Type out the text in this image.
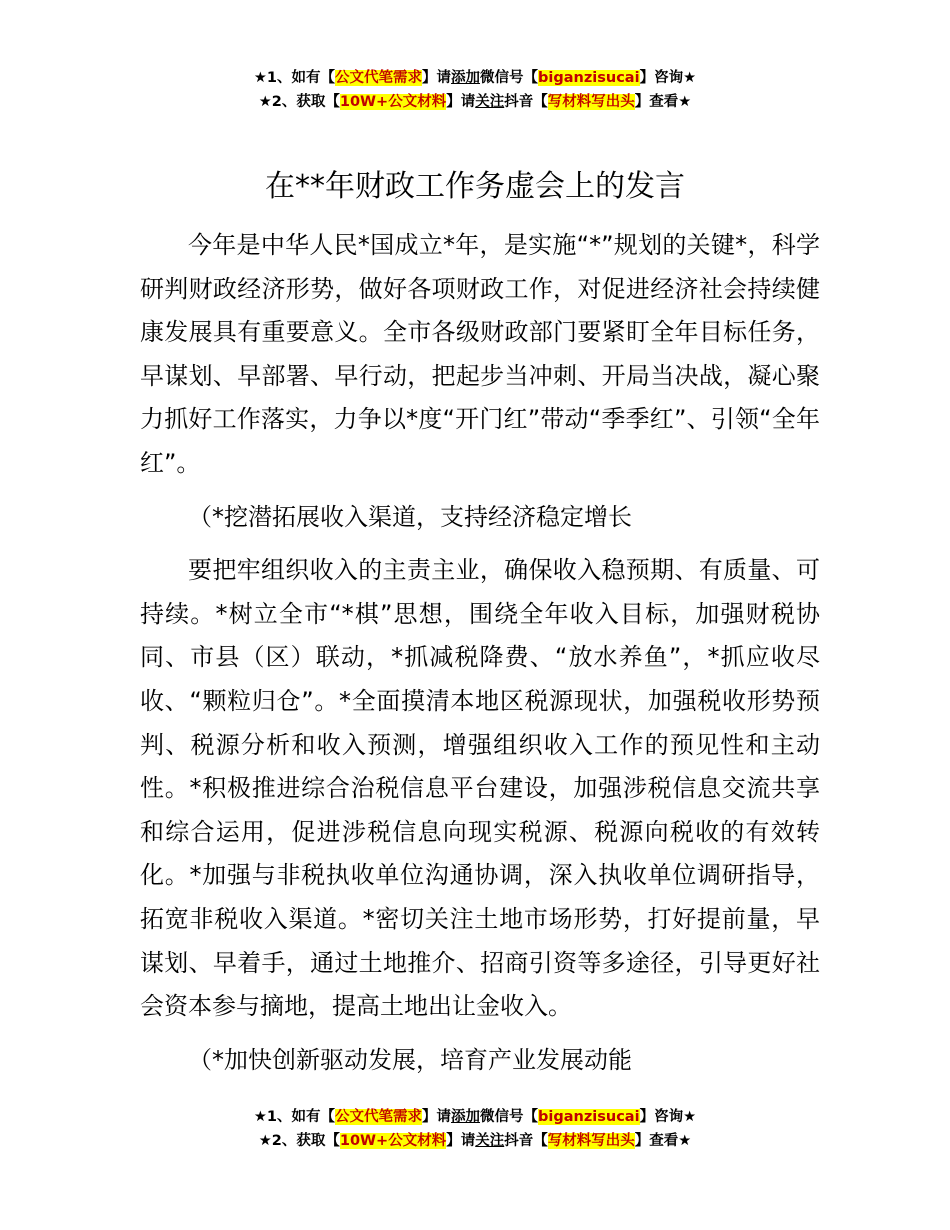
★1、如有【公文代笔需求】请添加微信号【biganzisucai】咨询★
★2、获取【10W+公文材料】请关注抖音【写材料写出头】查看★
在**年财政工作务虚会上的发言

今年是中华人民*国成立*年，是实施“*”规划的关键*，科学研判财政经济形势，做好各项财政工作，对促进经济社会持续健康发展具有重要意义。全市各级财政部门要紧盯全年目标任务，早谋划、早部署、早行动，把起步当冲刺、开局当决战，凝心聚力抓好工作落实，力争以*度“开门红”带动“季季红”、引领“全年红”。

（*挖潜拓展收入渠道，支持经济稳定增长

要把牢组织收入的主责主业，确保收入稳预期、有质量、可持续。*树立全市“*棋”思想，围绕全年收入目标，加强财税协同、市县（区）联动，*抓减税降费、“放水养鱼”，*抓应收尽收、“颗粒归仓”。*全面摸清本地区税源现状，加强税收形势预判、税源分析和收入预测，增强组织收入工作的预见性和主动性。*积极推进综合治税信息平台建设，加强涉税信息交流共享和综合运用，促进涉税信息向现实税源、税源向税收的有效转化。*加强与非税执收单位沟通协调，深入执收单位调研指导，拓宽非税收入渠道。*密切关注土地市场形势，打好提前量，早谋划、早着手，通过土地推介、招商引资等多途径，引导更好社会资本参与摘地，提高土地出让金收入。

（*加快创新驱动发展，培育产业发展动能

★1、如有【公文代笔需求】请添加微信号【biganzisucai】咨询★
★2、获取【10W+公文材料】请关注抖音【写材料写出头】查看★
